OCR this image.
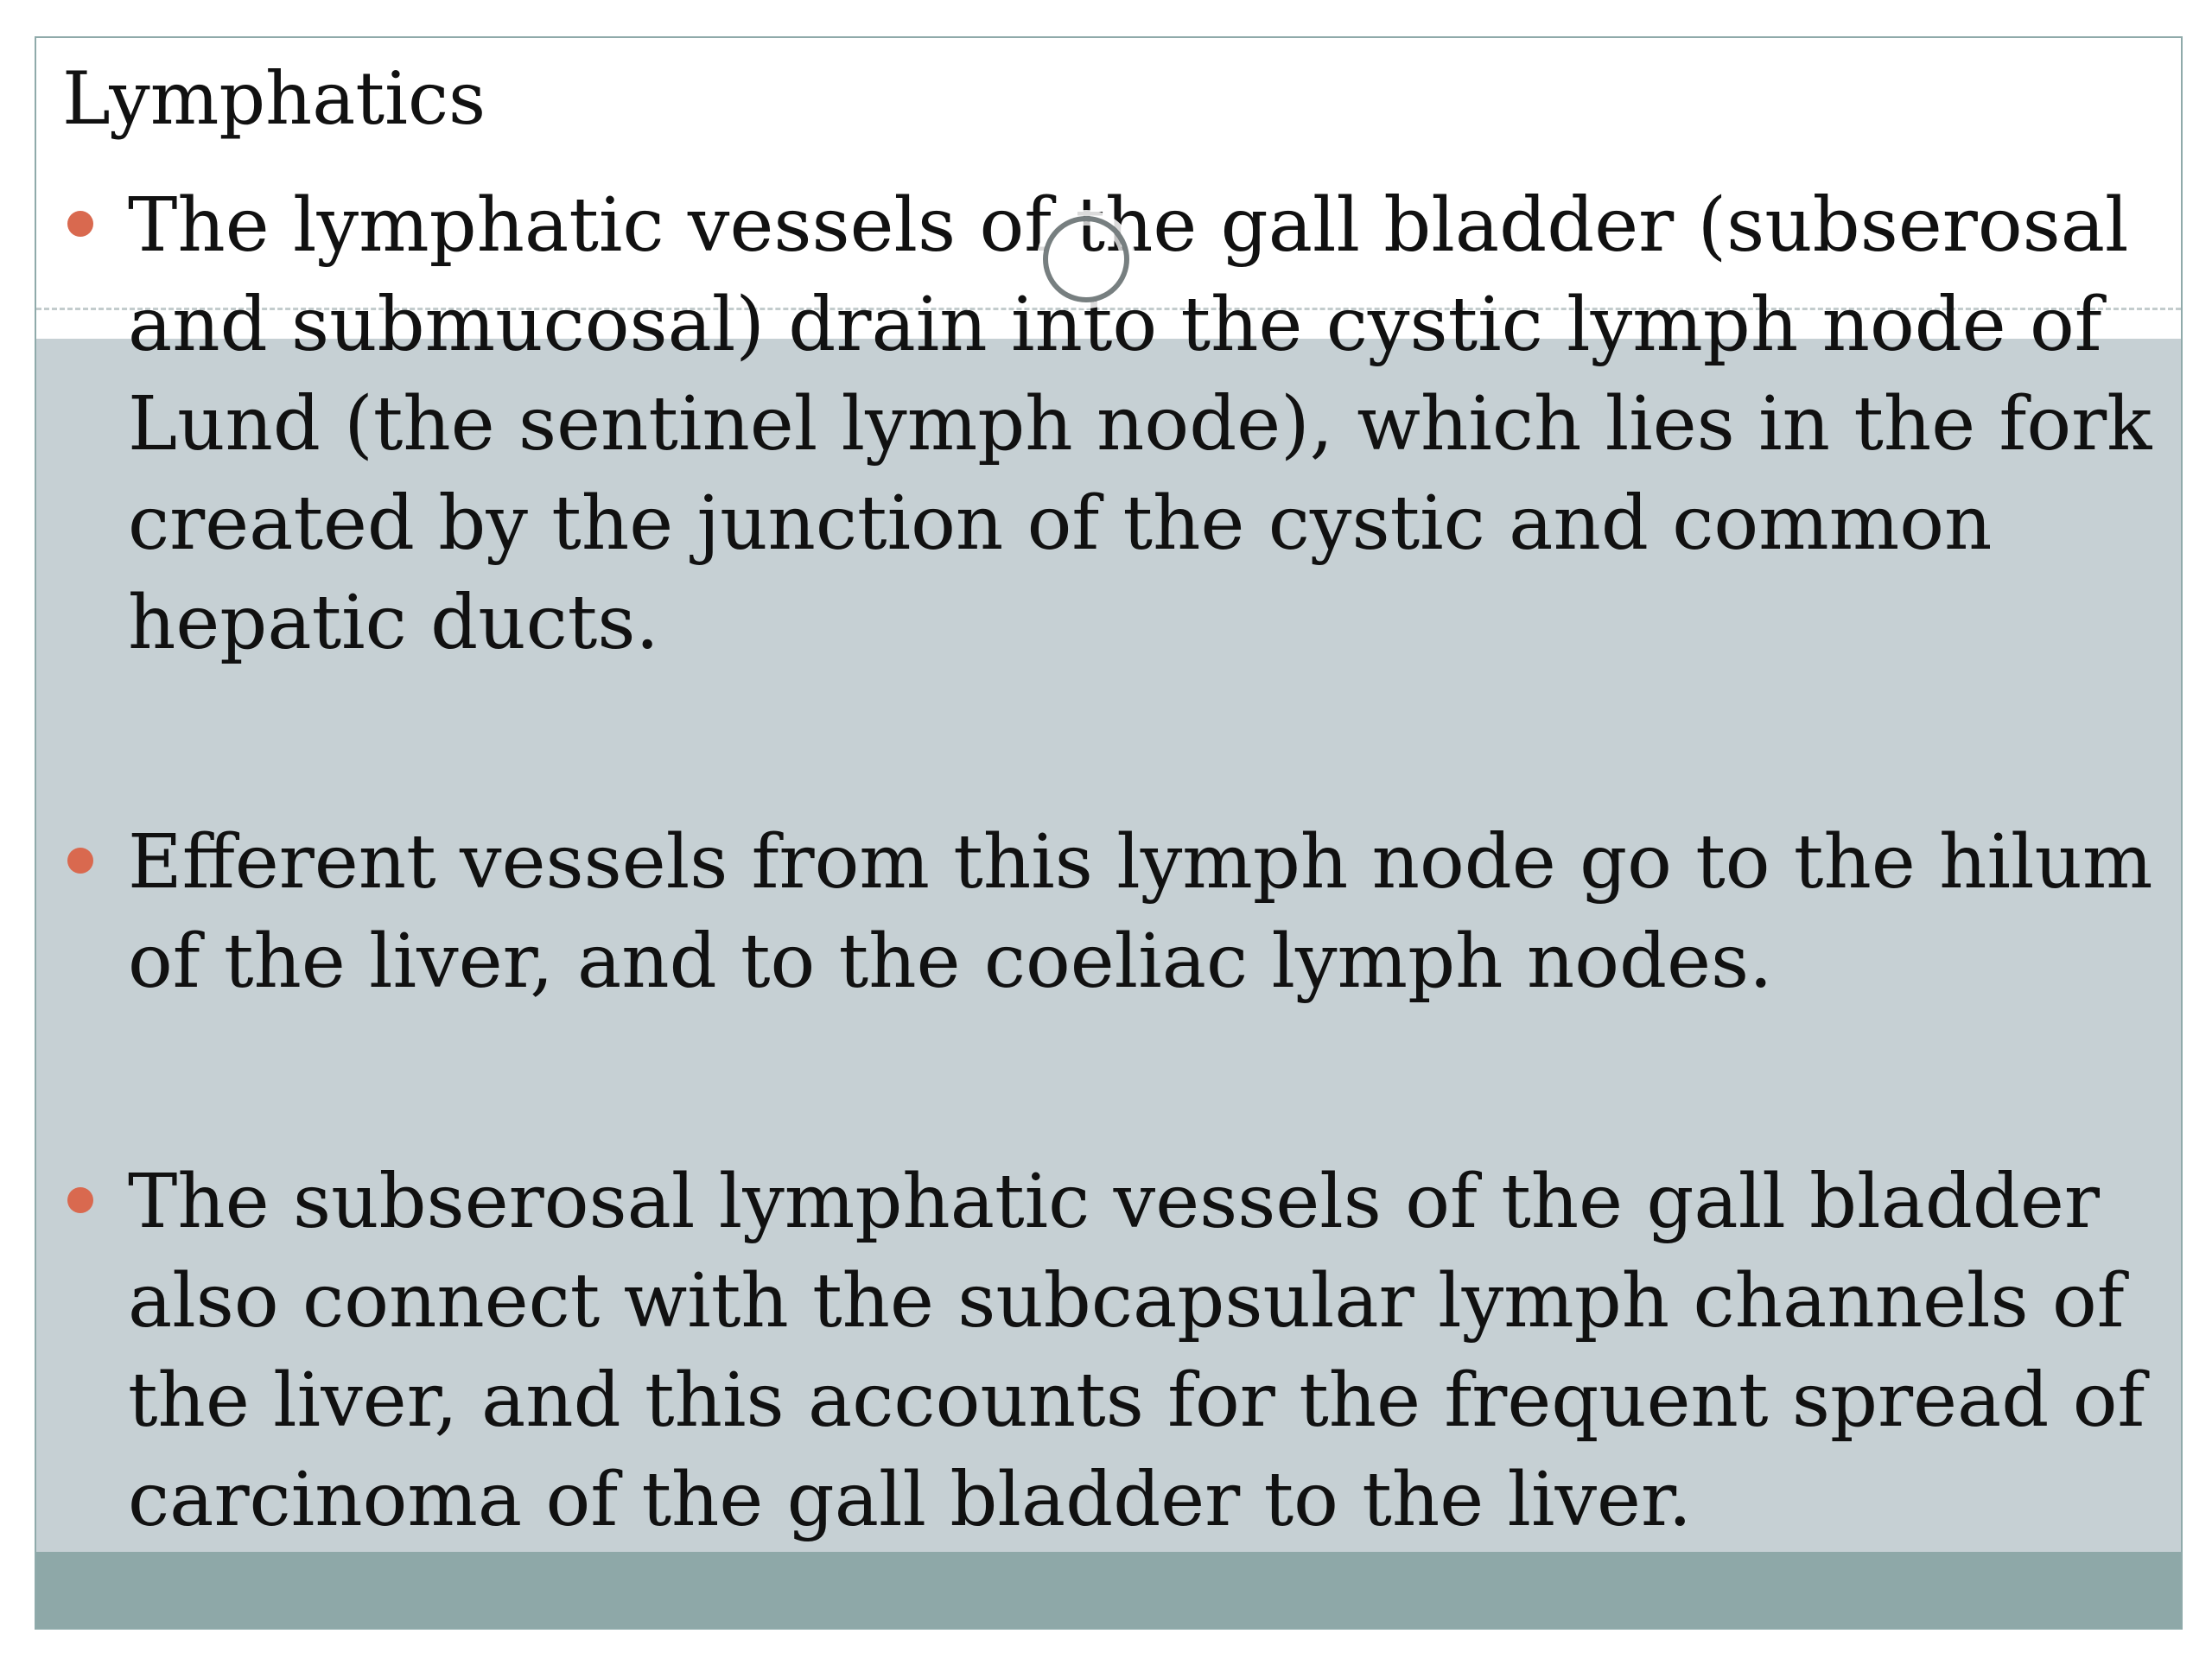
Lymphatics
The lymphatic vessels of the gall bladder (subserosal and submucosal) drain into the cystic lymph node of Lund (the sentinel lymph node), which lies in the fork created by the junction of the cystic and common hepatic ducts.
Efferent vessels from this lymph node go to the hilum of the liver, and to the coeliac lymph nodes.
The subserosal lymphatic vessels of the gall bladder also connect with the subcapsular lymph channels of the liver, and this accounts for the frequent spread of carcinoma of the gall bladder to the liver.
